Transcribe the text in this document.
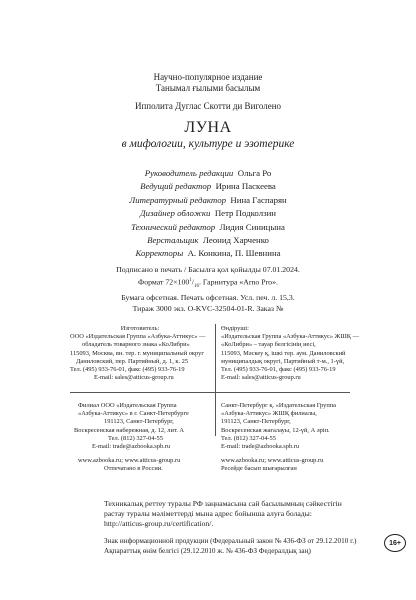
Научно-популярное издание
Танымал ғылыми басылым
Ипполита Дуглас Скотти ди Виголено
ЛУНА
в мифологии, культуре и эзотерике
Руководитель редакции Ольга Ро
Ведущий редактор Ирина Паскеева
Литературный редактор Нина Гаспарян
Дизайнер обложки Петр Подколзин
Технический редактор Лидия Синицына
Верстальщик Леонид Харченко
Корректоры А. Конкина, П. Шевнина
Подписано в печать / Басылға қол қойылды 07.01.2024.
Формат $72\times 100^1/_{16}$. Гарнитура «Arno Pro».
Бумага офсетная. Печать офсетная. Усл. печ. л. 15,3.
Тираж 3000 экз. O-KVC-32504-01-R. Заказ №
Изготовитель:
ООО «Издательская Группа «Азбука-Аттикус» —
обладатель товарного знака «КоЛибри»
115093, Москва, вн. тер. г. муниципальный округ
Даниловский, пер. Партийный, д. 1, к. 25
Тел. (495) 933-76-01, факс (495) 933-76-19
E-mail: sales@atticus-group.ru
Өндіруші:
«Издательская Группа «Азбука-Аттикус» ЖШҚ —
«КоЛибри» – тауар белгісінің иесі,
115093, Мәскеу қ, ішкі тер. аум. Даниловский
муниципалдық округі, Партийный т-м., 1-үй,
Тел. (495) 933-76-01, факс (495) 933-76-19
E-mail: sales@atticus-group.ru
Филиал ООО «Издательская Группа
«Азбука-Аттикус» в г. Санкт-Петербурге
191123, Санкт-Петербург,
Воскресенская набережная, д. 12, лит. А
Тел. (812) 327-04-55
E-mail: trade@azbooka.spb.ru
www.azbooka.ru; www.atticus-group.ru
Отпечатано в России.
Санкт-Петербург қ. «Издательская Группа
«Азбука-Аттикус» ЖШҚ филиалы,
191123, Санкт-Петербург,
Воскресенская жағалауы, 12-үй, А әріп.
Тел. (812) 327-04-55
E-mail: trade@azbooka.spb.ru
www.azbooka.ru; www.atticus-group.ru
Ресейде басып шығарылған
Техникалық реттеу туралы РФ заңнамасына сай басылымның сәйкестігін
растау туралы мәліметтерді мына адрес бойынша алуға болады:
http://atticus-group.ru/certification/.
Знак информационной продукции (Федеральный закон № 436-ФЗ от 29.12.2010 г.)
Ақпараттық өнім белгісі (29.12.2010 ж. № 436-ФЗ Федералдық заң)
16+
